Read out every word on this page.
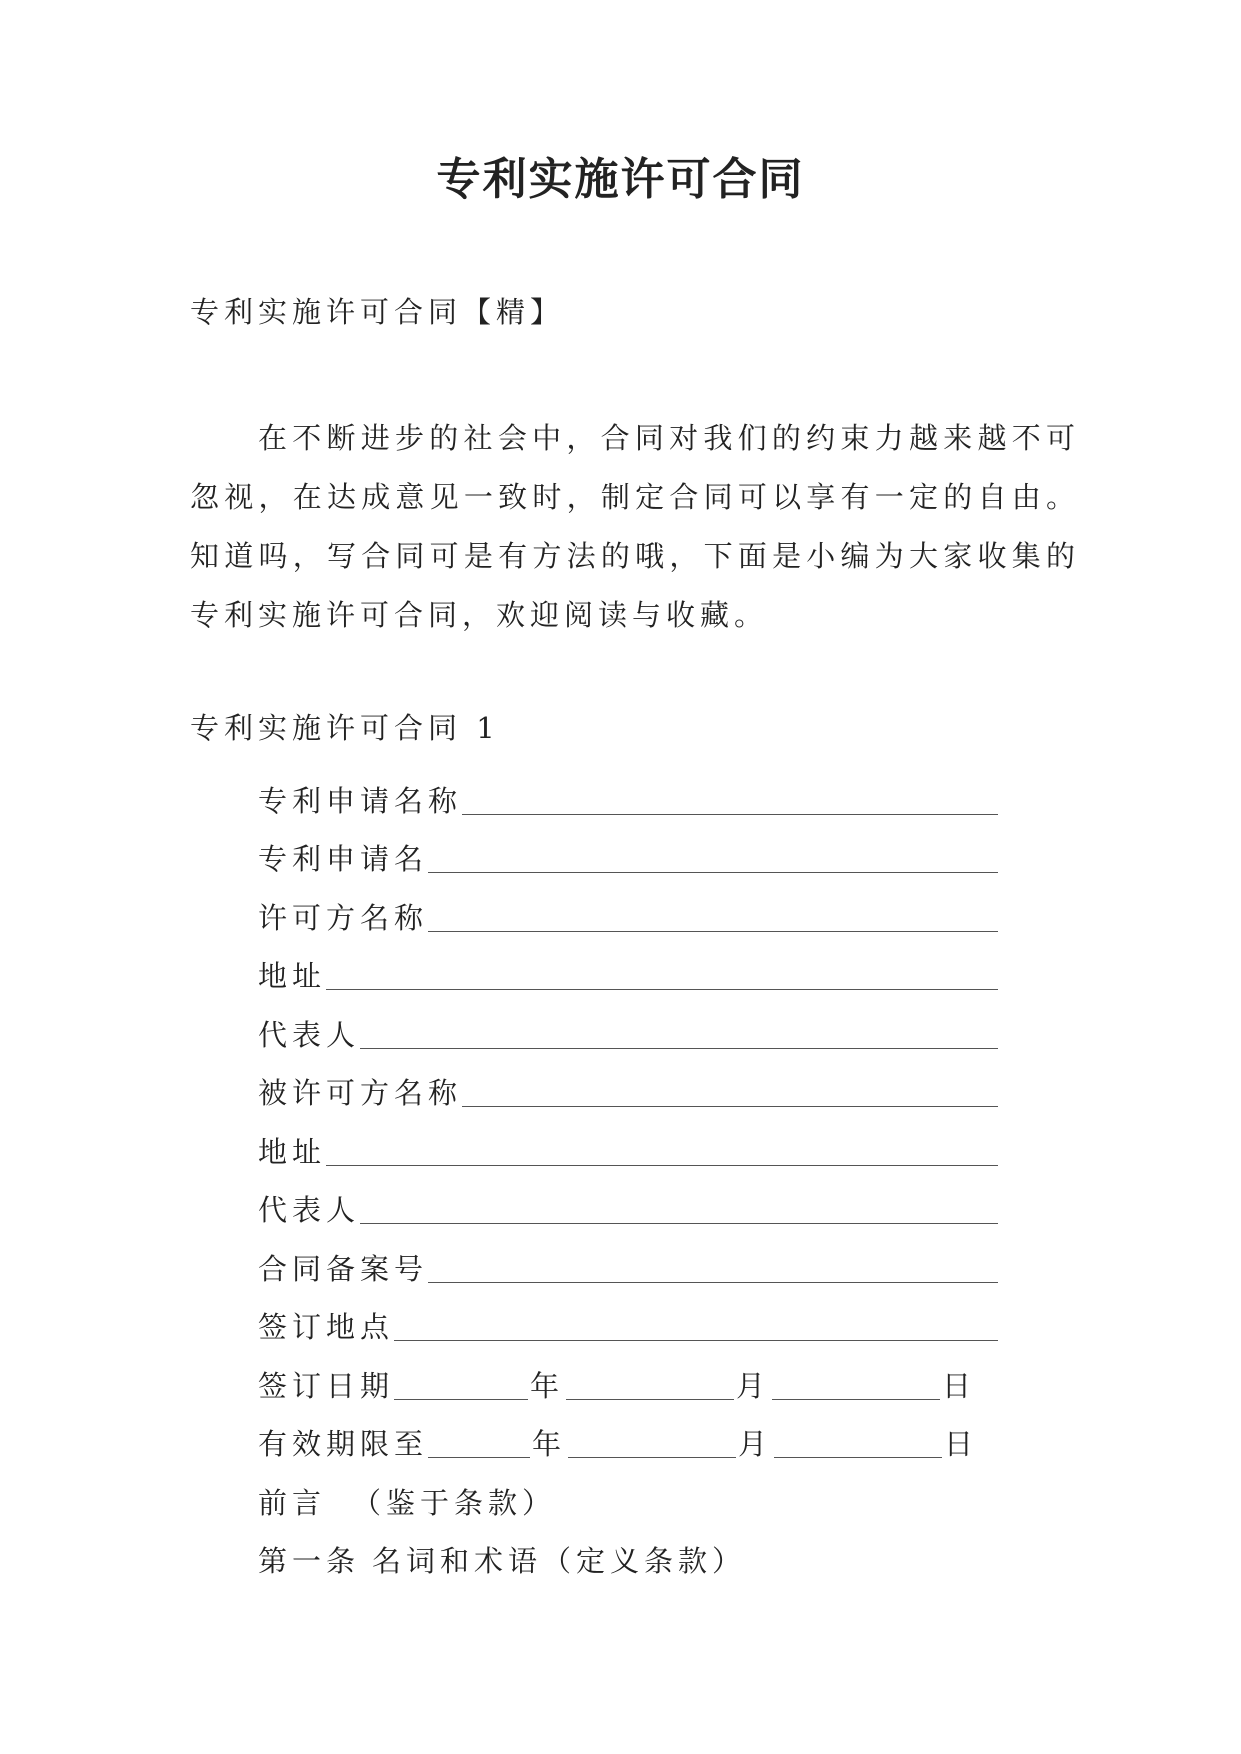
专利实施许可合同

专利实施许可合同【精】

在不断进步的社会中，合同对我们的约束力越来越不可忽视，在达成意见一致时，制定合同可以享有一定的自由。知道吗，写合同可是有方法的哦，下面是小编为大家收集的专利实施许可合同，欢迎阅读与收藏。

专利实施许可合同 1

专利申请名称
专利申请名
许可方名称
地址
代表人
被许可方名称
地址
代表人
合同备案号
签订地点
签订日期	年	月	日
有效期限至	年	月	日
前言 （鉴于条款）
第一条 名词和术语（定义条款）
